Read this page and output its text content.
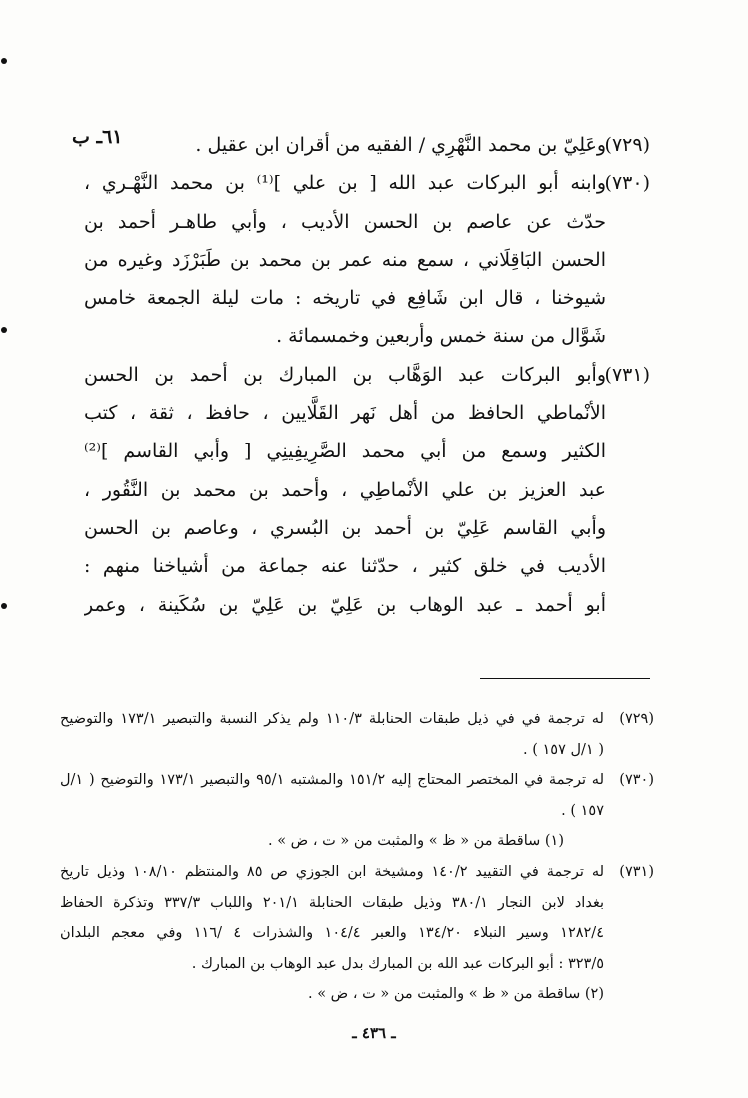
٦١ـ ب	(٧٢٩)
وعَلِيّ بن محمد النَّهْرِي / الفقيه من أقران ابن عقيل .
(٧٣٠)
وابنه أبو البركات عبد الله [ بن علي ]⁽¹⁾ بن محمد النَّهْـري ،
حدّث عن عاصم بن الحسن الأديب ، وأبي طاهـر أحمد بن
الحسن البَاقِلَاني ، سمع منه عمر بن محمد بن طَبَرْزَد وغيره من
شيوخنا ، قال ابن شَافِع في تاريخه : مات ليلة الجمعة خامس
شَوَّال من سنة خمس وأربعين وخمسمائة .
(٧٣١)
وأبو البركات عبد الوَهَّاب بن المبارك بن أحمد بن الحسن
الأنْماطي الحافظ من أهل نَهر القَلَّايين ، حافظ ، ثقة ، كتب
الكثير وسمع من أبي محمد الصَّرِيفِينِي [ وأبي القاسم ]⁽²⁾
عبد العزيز بن علي الأنْماطِي ، وأحمد بن محمد بن النَّقُور ،
وأبي القاسم عَلِيّ بن أحمد بن البُسري ، وعاصم بن الحسن
الأديب في خلق كثير ، حدّثنا عنه جماعة من أشياخنا منهم :
أبو أحمد ـ عبد الوهاب بن عَلِيّ بن عَلِيّ بن سُكَينة ، وعمر
(٧٢٩)
له ترجمة في في ذيل طبقات الحنابلة ١١٠/٣ ولم يذكر النسبة والتبصير ١٧٣/١ والتوضيح
( ١/ل ١٥٧ ) .
(٧٣٠)
له ترجمة في المختصر المحتاج إليه ١٥١/٢ والمشتبه ٩٥/١ والتبصير ١٧٣/١ والتوضيح ( ١/ل
١٥٧ ) .
(١) ساقطة من « ظ » والمثبت من « ت ، ض » .
(٧٣١)
له ترجمة في التقييد ١٤٠/٢ ومشيخة ابن الجوزي ص ٨٥ والمنتظم ١٠٨/١٠ وذيل تاريخ
بغداد لابن النجار ٣٨٠/١ وذيل طبقات الحنابلة ٢٠١/١ واللباب ٣٣٧/٣ وتذكرة الحفاظ
١٢٨٢/٤ وسير النبلاء ١٣٤/٢٠ والعبر ١٠٤/٤ والشذرات ٤ /١١٦ وفي معجم البلدان
٣٢٣/٥ : أبو البركات عبد الله بن المبارك بدل عبد الوهاب بن المبارك .
(٢) ساقطة من « ظ » والمثبت من « ت ، ض » .
ـ ٤٣٦ ـ
